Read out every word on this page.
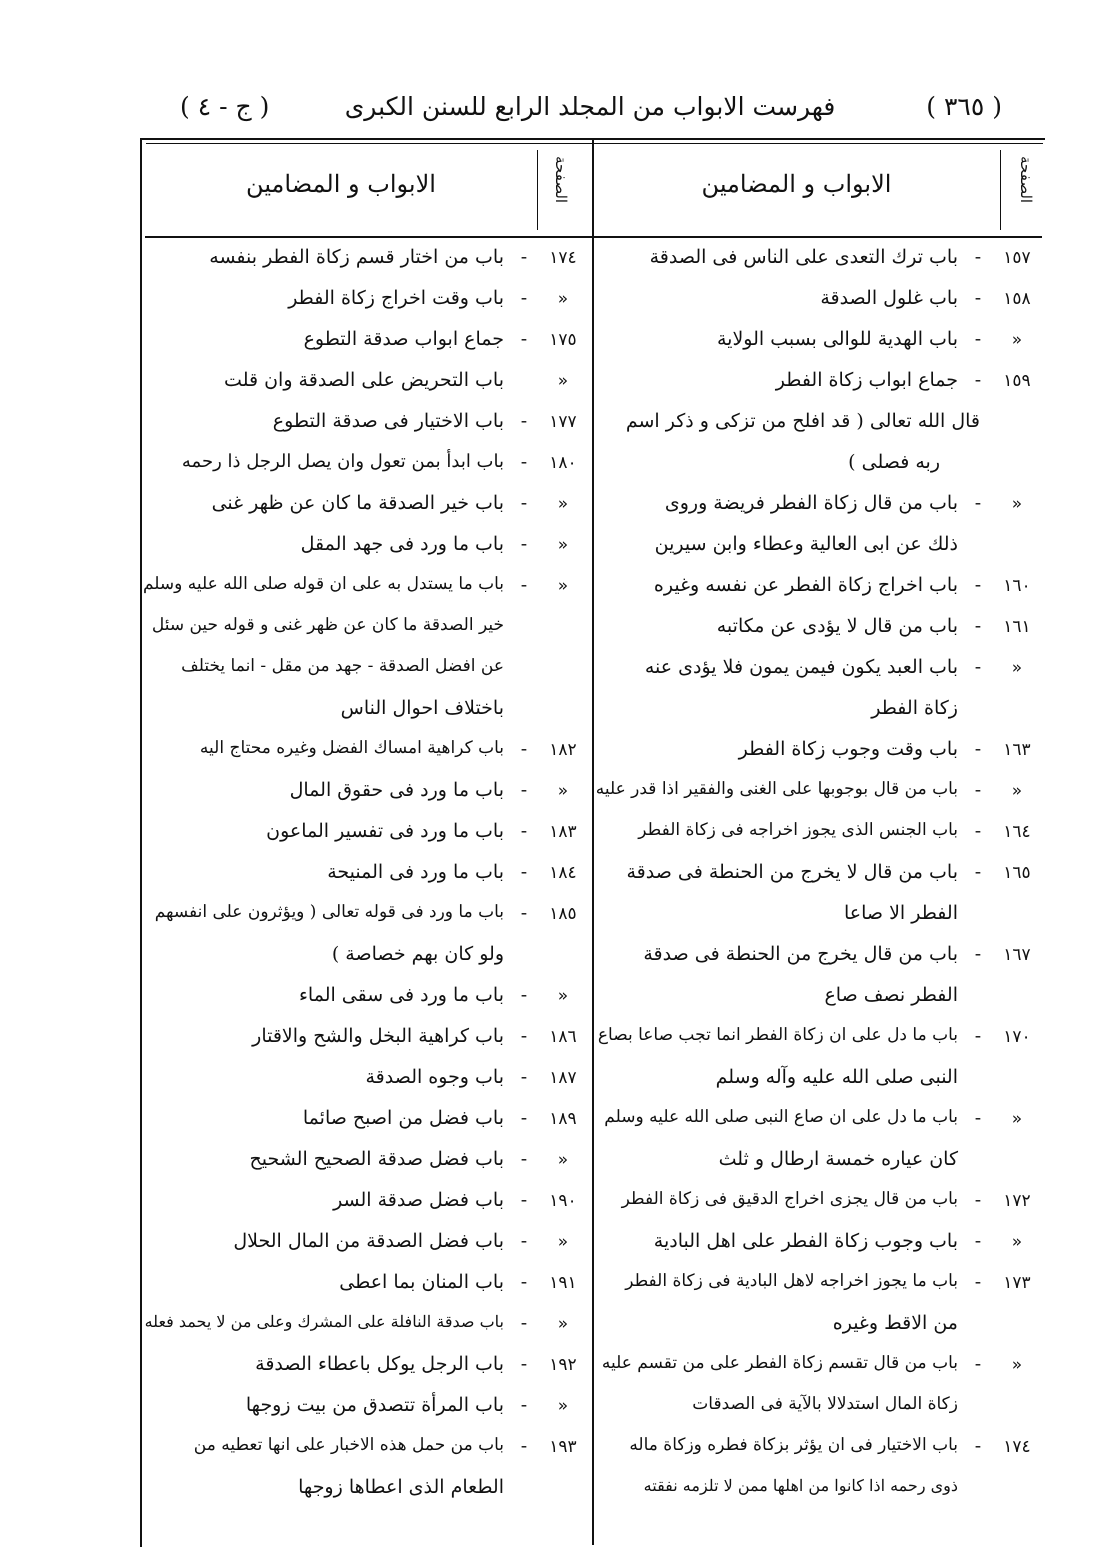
( ٣٦٥ )
فهرست الابواب من المجلد الرابع للسنن الكبرى
( ج - ٤ )
الصفحة
الابواب و المضامين
الصفحة
الابواب و المضامين
١٥٧
-
باب ترك التعدى على الناس فى الصدقة
١٥٨
-
باب غلول الصدقة
«
-
باب الهدية للوالى بسبب الولاية
١٥٩
-
جماع ابواب زكاة الفطر
قال الله تعالى ( قد افلح من تزكى و ذكر اسم
ربه فصلى )
«
-
باب من قال زكاة الفطر فريضة وروى
ذلك عن ابى العالية وعطاء وابن سيرين
١٦٠
-
باب اخراج زكاة الفطر عن نفسه وغيره
١٦١
-
باب من قال لا يؤدى عن مكاتبه
«
-
باب العبد يكون فيمن يمون فلا يؤدى عنه
زكاة الفطر
١٦٣
-
باب وقت وجوب زكاة الفطر
«
-
باب من قال بوجوبها على الغنى والفقير اذا قدر عليه
١٦٤
-
باب الجنس الذى يجوز اخراجه فى زكاة الفطر
١٦٥
-
باب من قال لا يخرج من الحنطة فى صدقة
الفطر الا صاعا
١٦٧
-
باب من قال يخرج من الحنطة فى صدقة
الفطر نصف صاع
١٧٠
-
باب ما دل على ان زكاة الفطر انما تجب صاعا بصاع
النبى صلى الله عليه وآله وسلم
«
-
باب ما دل على ان صاع النبى صلى الله عليه وسلم
كان عياره خمسة ارطال و ثلث
١٧٢
-
باب من قال يجزى اخراج الدقيق فى زكاة الفطر
«
-
باب وجوب زكاة الفطر على اهل البادية
١٧٣
-
باب ما يجوز اخراجه لاهل البادية فى زكاة الفطر
من الاقط وغيره
«
-
باب من قال تقسم زكاة الفطر على من تقسم عليه
زكاة المال استدلالا بالآية فى الصدقات
١٧٤
-
باب الاختيار فى ان يؤثر بزكاة فطره وزكاة ماله
ذوى رحمه اذا كانوا من اهلها ممن لا تلزمه نفقته
١٧٤
-
باب من اختار قسم زكاة الفطر بنفسه
«
-
باب وقت اخراج زكاة الفطر
١٧٥
-
جماع ابواب صدقة التطوع
«
باب التحريض على الصدقة وان قلت
١٧٧
-
باب الاختيار فى صدقة التطوع
١٨٠
-
باب ابدأ بمن تعول وان يصل الرجل ذا رحمه
«
-
باب خير الصدقة ما كان عن ظهر غنى
«
-
باب ما ورد فى جهد المقل
«
-
باب ما يستدل به على ان قوله صلى الله عليه وسلم
خير الصدقة ما كان عن ظهر غنى و قوله حين سئل
عن افضل الصدقة - جهد من مقل - انما يختلف
باختلاف احوال الناس
١٨٢
-
باب كراهية امساك الفضل وغيره محتاج اليه
«
-
باب ما ورد فى حقوق المال
١٨٣
-
باب ما ورد فى تفسير الماعون
١٨٤
-
باب ما ورد فى المنيحة
١٨٥
-
باب ما ورد فى قوله تعالى ( ويؤثرون على انفسهم
ولو كان بهم خصاصة )
«
-
باب ما ورد فى سقى الماء
١٨٦
-
باب كراهية البخل والشح والاقتار
١٨٧
-
باب وجوه الصدقة
١٨٩
-
باب فضل من اصبح صائما
«
-
باب فضل صدقة الصحيح الشحيح
١٩٠
-
باب فضل صدقة السر
«
-
باب فضل الصدقة من المال الحلال
١٩١
-
باب المنان بما اعطى
«
-
باب صدقة النافلة على المشرك وعلى من لا يحمد فعله
١٩٢
-
باب الرجل يوكل باعطاء الصدقة
«
-
باب المرأة تتصدق من بيت زوجها
١٩٣
-
باب من حمل هذه الاخبار على انها تعطيه من
الطعام الذى اعطاها زوجها
